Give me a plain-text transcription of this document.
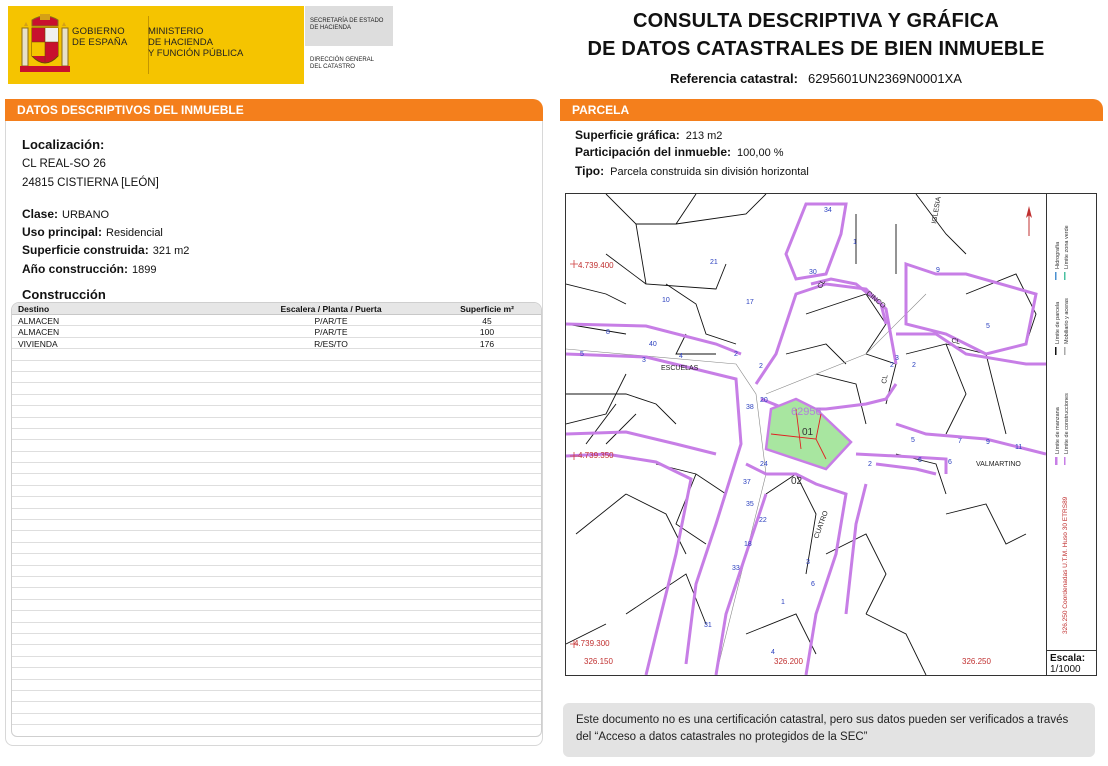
GOBIERNO
DE ESPAÑA
MINISTERIO
DE HACIENDA
Y FUNCIÓN PÚBLICA
SECRETARÍA DE ESTADO
DE HACIENDA
DIRECCIÓN GENERAL
DEL CATASTRO
CONSULTA DESCRIPTIVA Y GRÁFICA
DE DATOS CATASTRALES DE BIEN INMUEBLE
Referencia catastral: 6295601UN2369N0001XA
DATOS DESCRIPTIVOS DEL INMUEBLE
Localización:
CL REAL-SO 26
24815 CISTIERNA [LEÓN]
Clase: URBANO
Uso principal: Residencial
Superficie construida: 321 m2
Año construcción: 1899
Construcción
Destino	Escalera / Planta / Puerta	Superficie m²
ALMACEN	P/AR/TE	45
ALMACEN	P/AR/TE	100
VIVIENDA	R/ES/TO	176
PARCELA
Superficie gráfica: 213 m2
Participación del inmueble: 100,00 %
Tipo: Parcela construida sin división horizontal
4.739.400
4.739.350
4.739.300
326.150	326.200	326.250
62956
01
02
ESCUELAS
VALMARTINO
CUATRO
CINCO
IGLESIA
CL
CL
CL
34
1
9
21
30
17
10
40
8
5
3
4	2
2
38
20
24
37
35
22
18
33
31
3
6
1
4
2
6	6
5	7	9
11
2
3
2
5
Hidrografía Límite zona verde
Límite de parcela Mobiliario y aceras
Límite de manzana Límite de construcciones
326.250 Coordenadas U.T.M. Huso 30 ETRS89
Escala:
1/1000
Este documento no es una certificación catastral, pero sus datos pueden ser verificados a través del “Acceso a datos catastrales no protegidos de la SEC”
